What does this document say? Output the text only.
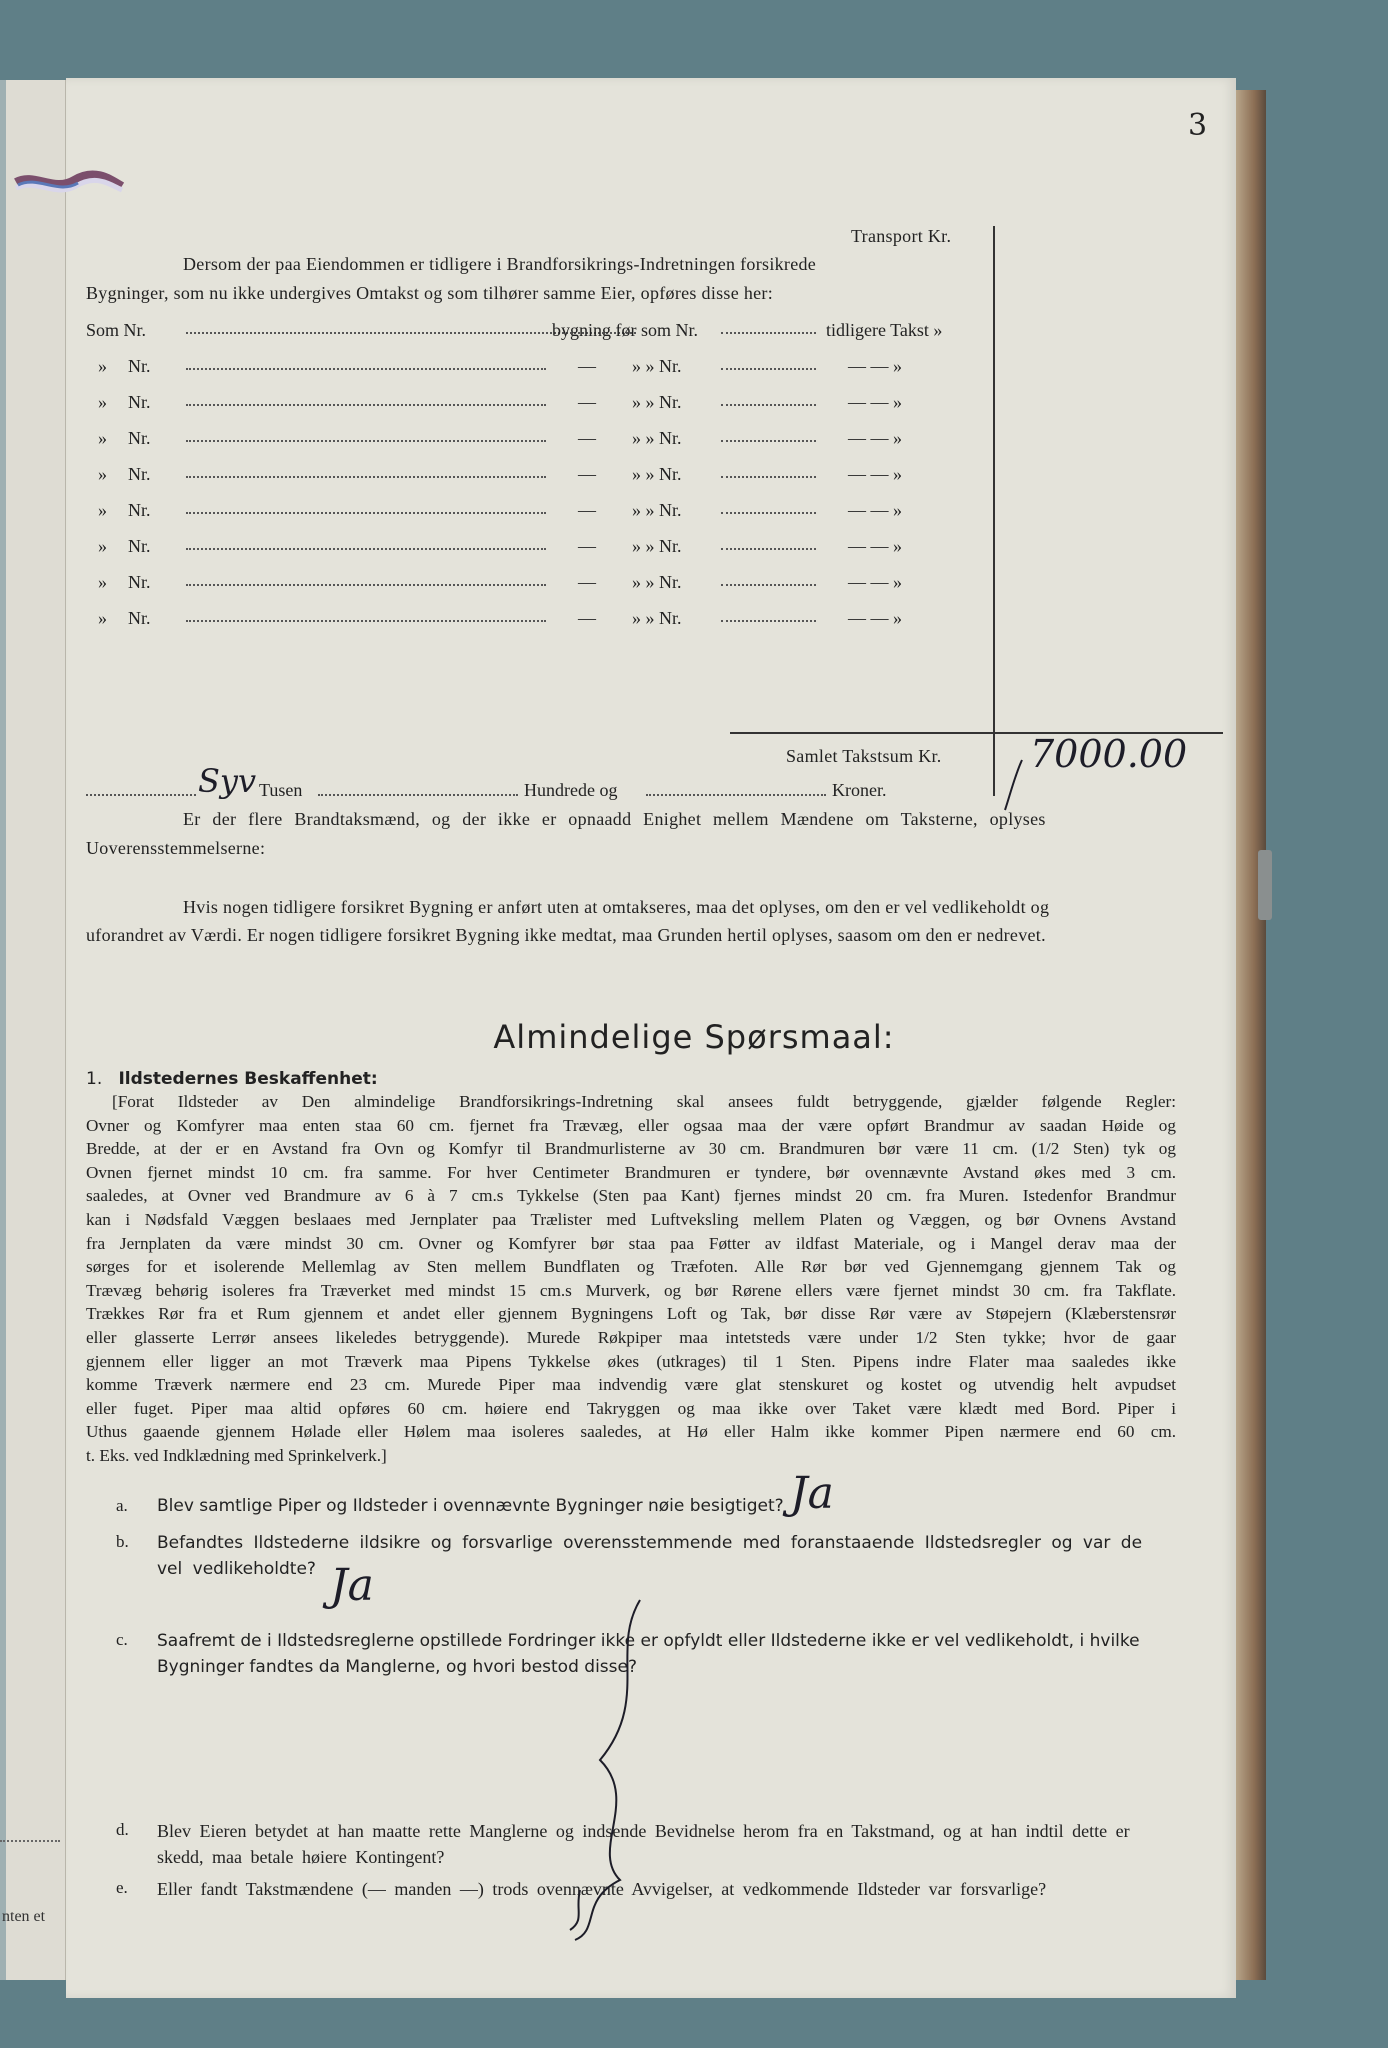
nten et
3
Transport Kr.
Dersom der paa Eiendommen er tidligere i Brandforsikrings-Indretningen forsikrede
Bygninger, som nu ikke undergives Omtakst og som tilhører samme Eier, opføres disse her:
Som Nr.	bygning før som Nr.	tidligere Takst »
» Nr.	— » » Nr.	— — »
» Nr.	— » » Nr.	— — »
» Nr.	— » » Nr.	— — »
» Nr.	— » » Nr.	— — »
» Nr.	— » » Nr.	— — »
» Nr.	— » » Nr.	— — »
» Nr.	— » » Nr.	— — »
» Nr.	— » » Nr.	— — »
Samlet Takstsum Kr. 7000.00
Syv Tusen	Hundrede og	Kroner.
Er der flere Brandtaksmænd, og der ikke er opnaadd Enighet mellem Mændene om Taksterne, oplyses
Uoverensstemmelserne:
Hvis nogen tidligere forsikret Bygning er anført uten at omtakseres, maa det oplyses, om den er vel vedlikeholdt og
uforandret av Værdi. Er nogen tidligere forsikret Bygning ikke medtat, maa Grunden hertil oplyses, saasom om den er nedrevet.
Almindelige Spørsmaal:
1. Ildstedernes Beskaffenhet:
[Forat Ildsteder av Den almindelige Brandforsikrings-Indretning skal ansees fuldt betryggende, gjælder følgende Regler:
Ovner og Komfyrer maa enten staa 60 cm. fjernet fra Trævæg, eller ogsaa maa der være opført Brandmur av saadan Høide og
Bredde, at der er en Avstand fra Ovn og Komfyr til Brandmurlisterne av 30 cm. Brandmuren bør være 11 cm. (1/2 Sten) tyk og
Ovnen fjernet mindst 10 cm. fra samme. For hver Centimeter Brandmuren er tyndere, bør ovennævnte Avstand økes med 3 cm.
saaledes, at Ovner ved Brandmure av 6 à 7 cm.s Tykkelse (Sten paa Kant) fjernes mindst 20 cm. fra Muren. Istedenfor Brandmur
kan i Nødsfald Væggen beslaaes med Jernplater paa Trælister med Luftveksling mellem Platen og Væggen, og bør Ovnens Avstand
fra Jernplaten da være mindst 30 cm. Ovner og Komfyrer bør staa paa Føtter av ildfast Materiale, og i Mangel derav maa der
sørges for et isolerende Mellemlag av Sten mellem Bundflaten og Træfoten. Alle Rør bør ved Gjennemgang gjennem Tak og
Trævæg behørig isoleres fra Træverket med mindst 15 cm.s Murverk, og bør Rørene ellers være fjernet mindst 30 cm. fra Takflate.
Trækkes Rør fra et Rum gjennem et andet eller gjennem Bygningens Loft og Tak, bør disse Rør være av Støpejern (Klæberstensrør
eller glasserte Lerrør ansees likeledes betryggende). Murede Røkpiper maa intetsteds være under 1/2 Sten tykke; hvor de gaar
gjennem eller ligger an mot Træverk maa Pipens Tykkelse økes (utkrages) til 1 Sten. Pipens indre Flater maa saaledes ikke
komme Træverk nærmere end 23 cm. Murede Piper maa indvendig være glat stenskuret og kostet og utvendig helt avpudset
eller fuget. Piper maa altid opføres 60 cm. høiere end Takryggen og maa ikke over Taket være klædt med Bord. Piper i
Uthus gaaende gjennem Hølade eller Hølem maa isoleres saaledes, at Hø eller Halm ikke kommer Pipen nærmere end 60 cm.
t. Eks. ved Indklædning med Sprinkelverk.]
a. Blev samtlige Piper og Ildsteder i ovennævnte Bygninger nøie besigtiget? Ja
b. Befandtes Ildstederne ildsikre og forsvarlige overensstemmende med foranstaaende Ildstedsregler og var de vel vedlikeholdte? Ja
c. Saafremt de i Ildstedsreglerne opstillede Fordringer ikke er opfyldt eller Ildstederne ikke er vel vedlikeholdt, i hvilke Bygninger fandtes da Manglerne, og hvori bestod disse?
d. Blev Eieren betydet at han maatte rette Manglerne og indsende Bevidnelse herom fra en Takstmand, og at han indtil dette er skedd, maa betale høiere Kontingent?
e. Eller fandt Takstmændene (— manden —) trods ovennævnte Avvigelser, at vedkommende Ildsteder var forsvarlige?
